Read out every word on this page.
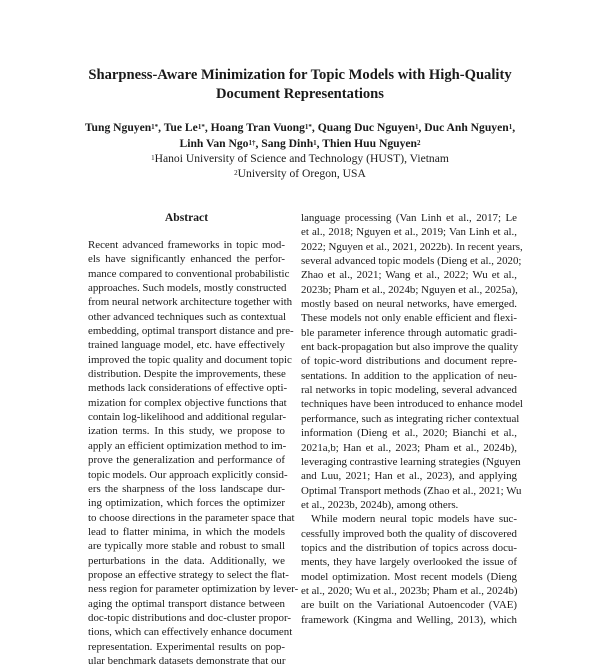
Sharpness-Aware Minimization for Topic Models with High-Quality
Document Representations
Tung Nguyen$^{1*}$, Tue $Le^{1*}$, Hoang Tran Vuong$^{1*}$, Quang Duc Nguyen$^1$, Duc Anh Nguyen$^1$,
Linh Van Ngo$^{1\dagger}$, Sang Dinh$^1$, Thien Huu Nguyen$^2$
$^1$Hanoi University of Science and Technology (HUST), Vietnam
$^2$University of Oregon, USA
Abstract
Recent advanced frameworks in topic mod-
els have significantly enhanced the perfor-
mance compared to conventional probabilistic
approaches. Such models, mostly constructed
from neural network architecture together with
other advanced techniques such as contextual
embedding, optimal transport distance and pre-
trained language model, etc. have effectively
improved the topic quality and document topic
distribution. Despite the improvements, these
methods lack considerations of effective opti-
mization for complex objective functions that
contain log-likelihood and additional regular-
ization terms. In this study, we propose to
apply an efficient optimization method to im-
prove the generalization and performance of
topic models. Our approach explicitly consid-
ers the sharpness of the loss landscape dur-
ing optimization, which forces the optimizer
to choose directions in the parameter space that
lead to flatter minima, in which the models
are typically more stable and robust to small
perturbations in the data. Additionally, we
propose an effective strategy to select the flat-
ness region for parameter optimization by lever-
aging the optimal transport distance between
doc-topic distributions and doc-cluster propor-
tions, which can effectively enhance document
representation. Experimental results on pop-
ular benchmark datasets demonstrate that our
language processing (Van Linh et al., 2017; Le
et al., 2018; Nguyen et al., 2019; Van Linh et al.,
2022; Nguyen et al., 2021, 2022b). In recent years,
several advanced topic models (Dieng et al., 2020;
Zhao et al., 2021; Wang et al., 2022; Wu et al.,
2023b; Pham et al., 2024b; Nguyen et al., 2025a),
mostly based on neural networks, have emerged.
These models not only enable efficient and flexi-
ble parameter inference through automatic gradi-
ent back-propagation but also improve the quality
of topic-word distributions and document repre-
sentations. In addition to the application of neu-
ral networks in topic modeling, several advanced
techniques have been introduced to enhance model
performance, such as integrating richer contextual
information (Dieng et al., 2020; Bianchi et al.,
2021a,b; Han et al., 2023; Pham et al., 2024b),
leveraging contrastive learning strategies (Nguyen
and Luu, 2021; Han et al., 2023), and applying
Optimal Transport methods (Zhao et al., 2021; Wu
et al., 2023b, 2024b), among others.
While modern neural topic models have suc-
cessfully improved both the quality of discovered
topics and the distribution of topics across docu-
ments, they have largely overlooked the issue of
model optimization. Most recent models (Dieng
et al., 2020; Wu et al., 2023b; Pham et al., 2024b)
are built on the Variational Autoencoder (VAE)
framework (Kingma and Welling, 2013), which
